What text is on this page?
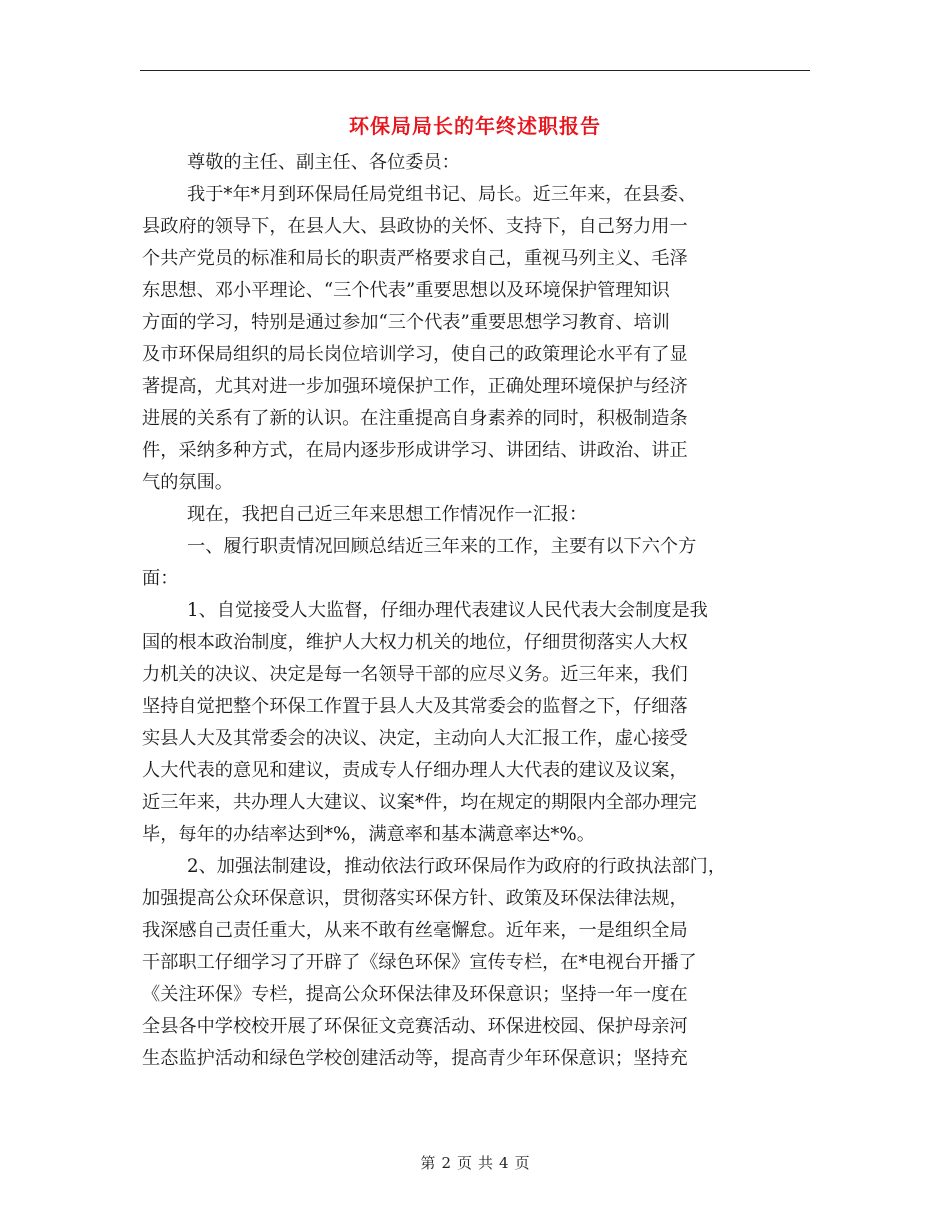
环保局局长的年终述职报告
尊敬的主任、副主任、各位委员：
我于*年*月到环保局任局党组书记、局长。近三年来，在县委、
县政府的领导下，在县人大、县政协的关怀、支持下，自己努力用一
个共产党员的标准和局长的职责严格要求自己，重视马列主义、毛泽
东思想、邓小平理论、“三个代表”重要思想以及环境保护管理知识
方面的学习，特别是通过参加“三个代表”重要思想学习教育、培训
及市环保局组织的局长岗位培训学习，使自己的政策理论水平有了显
著提高，尤其对进一步加强环境保护工作，正确处理环境保护与经济
进展的关系有了新的认识。在注重提高自身素养的同时，积极制造条
件，采纳多种方式，在局内逐步形成讲学习、讲团结、讲政治、讲正
气的氛围。
现在，我把自己近三年来思想工作情况作一汇报：
一、履行职责情况回顾总结近三年来的工作，主要有以下六个方
面：
1、自觉接受人大监督，仔细办理代表建议人民代表大会制度是我
国的根本政治制度，维护人大权力机关的地位，仔细贯彻落实人大权
力机关的决议、决定是每一名领导干部的应尽义务。近三年来，我们
坚持自觉把整个环保工作置于县人大及其常委会的监督之下，仔细落
实县人大及其常委会的决议、决定，主动向人大汇报工作，虚心接受
人大代表的意见和建议，责成专人仔细办理人大代表的建议及议案，
近三年来，共办理人大建议、议案*件，均在规定的期限内全部办理完
毕，每年的办结率达到*%，满意率和基本满意率达*%。
2、加强法制建设，推动依法行政环保局作为政府的行政执法部门，
加强提高公众环保意识，贯彻落实环保方针、政策及环保法律法规，
我深感自己责任重大，从来不敢有丝毫懈怠。近年来，一是组织全局
干部职工仔细学习了开辟了《绿色环保》宣传专栏，在*电视台开播了
《关注环保》专栏，提高公众环保法律及环保意识；坚持一年一度在
全县各中学校校开展了环保征文竞赛活动、环保进校园、保护母亲河
生态监护活动和绿色学校创建活动等，提高青少年环保意识；坚持充
第 2 页 共 4 页
